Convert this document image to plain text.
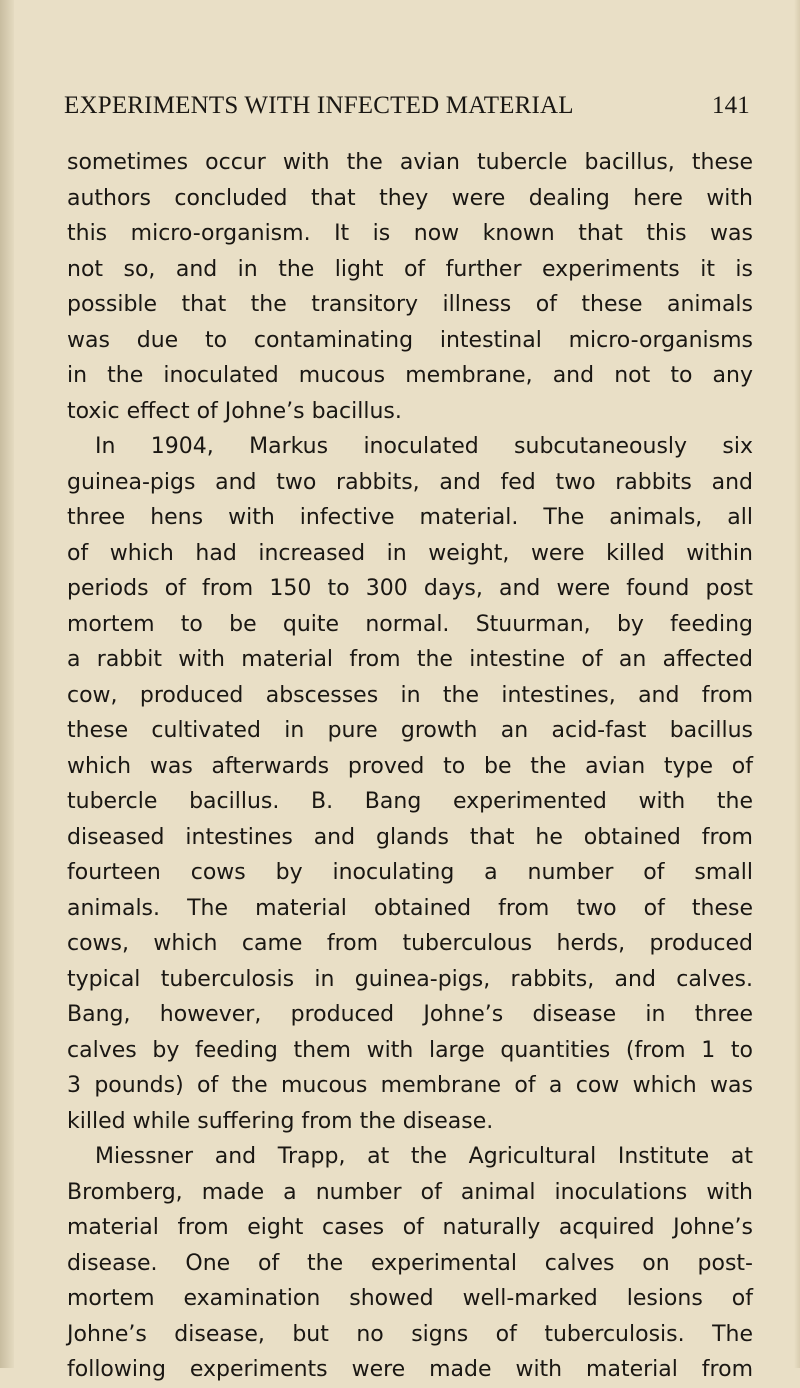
EXPERIMENTS WITH INFECTED MATERIAL	141
sometimes occur with the avian tubercle bacillus, these
authors concluded that they were dealing here with
this micro-organism. It is now known that this was
not so, and in the light of further experiments it is
possible that the transitory illness of these animals
was due to contaminating intestinal micro-organisms
in the inoculated mucous membrane, and not to any
toxic effect of Johne’s bacillus.
In 1904, Markus inoculated subcutaneously six
guinea-pigs and two rabbits, and fed two rabbits and
three hens with infective material. The animals, all
of which had increased in weight, were killed within
periods of from 150 to 300 days, and were found post
mortem to be quite normal. Stuurman, by feeding
a rabbit with material from the intestine of an affected
cow, produced abscesses in the intestines, and from
these cultivated in pure growth an acid-fast bacillus
which was afterwards proved to be the avian type of
tubercle bacillus. B. Bang experimented with the
diseased intestines and glands that he obtained from
fourteen cows by inoculating a number of small
animals. The material obtained from two of these
cows, which came from tuberculous herds, produced
typical tuberculosis in guinea-pigs, rabbits, and calves.
Bang, however, produced Johne’s disease in three
calves by feeding them with large quantities (from 1 to
3 pounds) of the mucous membrane of a cow which was
killed while suffering from the disease.
Miessner and Trapp, at the Agricultural Institute at
Bromberg, made a number of animal inoculations with
material from eight cases of naturally acquired Johne’s
disease. One of the experimental calves on post-
mortem examination showed well-marked lesions of
Johne’s disease, but no signs of tuberculosis. The
following experiments were made with material from
